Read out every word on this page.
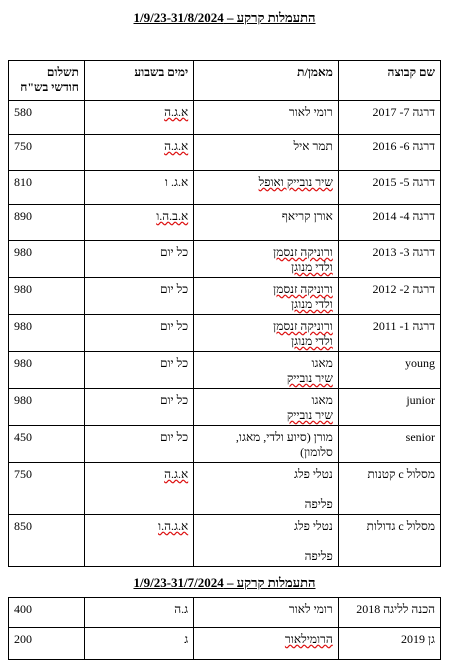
התעמלות קרקע – 1/9/23-31/8/2024
שם קבוצה	מאמן/ת	ימים בשבוע	תשלום
חודשי בש"ח

דרגה 7- 2017	רומי לאור	א.ג.ה	580
דרגה 6- 2016	תמר איל	א.ג.ה	750
דרגה 5- 2015	שיר נובייק ואופל	א.ג. ו	810
דרגה 4- 2014	אורן קריאף	א.ב.ה.ו	890
דרגה 3- 2013	ורוניקה זנסמן
ולדי מנוגן	כל יום	980
דרגה 2- 2012	ורוניקה זנסמן
ולדי מנוגן	כל יום	980
דרגה 1- 2011	ורוניקה זנסמן
ולדי מנוגן	כל יום	980
young	מאגו
שיר נובייק	כל יום	980
junior	מאגו
שיר נובייק	כל יום	980
senior	מורן (סיוע ולדי, מאגו,
סלומון)	כל יום	450
מסלול c קטנות	נטלי פלג

פליפה	א.ג.ה	750
מסלול c גדולות	נטלי פלג

פליפה	א.ג.ה.ו	850
התעמלות קרקע – 1/9/23-31/7/2024
הכנה לליגה 2018	רומי לאור	ג.ה	400
גן 2019	הרומילאור	ג	200
